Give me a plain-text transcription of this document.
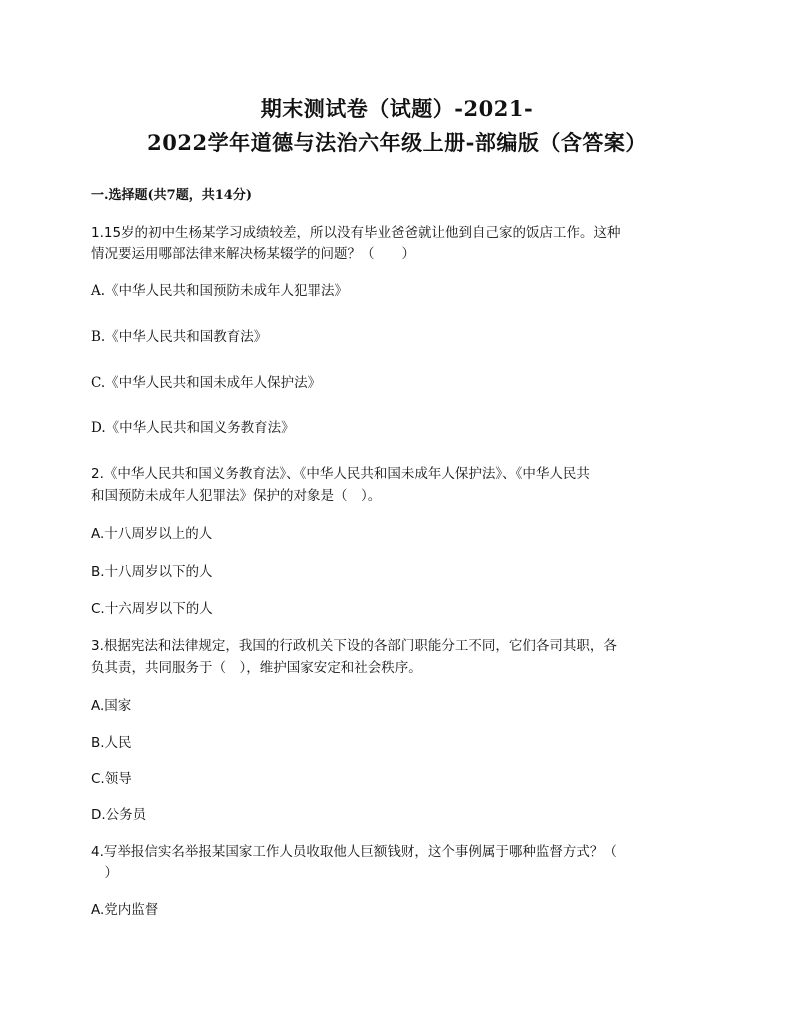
期末测试卷（试题）-2021-
2022学年道德与法治六年级上册-部编版（含答案）
一.选择题(共7题，共14分)
1.15岁的初中生杨某学习成绩较差，所以没有毕业爸爸就让他到自己家的饭店工作。这种
情况要运用哪部法律来解决杨某辍学的问题？（　　）
A.《中华人民共和国预防未成年人犯罪法》
B.《中华人民共和国教育法》
C.《中华人民共和国未成年人保护法》
D.《中华人民共和国义务教育法》
2.《中华人民共和国义务教育法》、《中华人民共和国未成年人保护法》、《中华人民共
和国预防未成年人犯罪法》保护的对象是（　）。
A.十八周岁以上的人
B.十八周岁以下的人
C.十六周岁以下的人
3.根据宪法和法律规定，我国的行政机关下设的各部门职能分工不同，它们各司其职，各
负其责，共同服务于（　），维护国家安定和社会秩序。
A.国家
B.人民
C.领导
D.公务员
4.写举报信实名举报某国家工作人员收取他人巨额钱财，这个事例属于哪种监督方式？（
　）
A.党内监督
